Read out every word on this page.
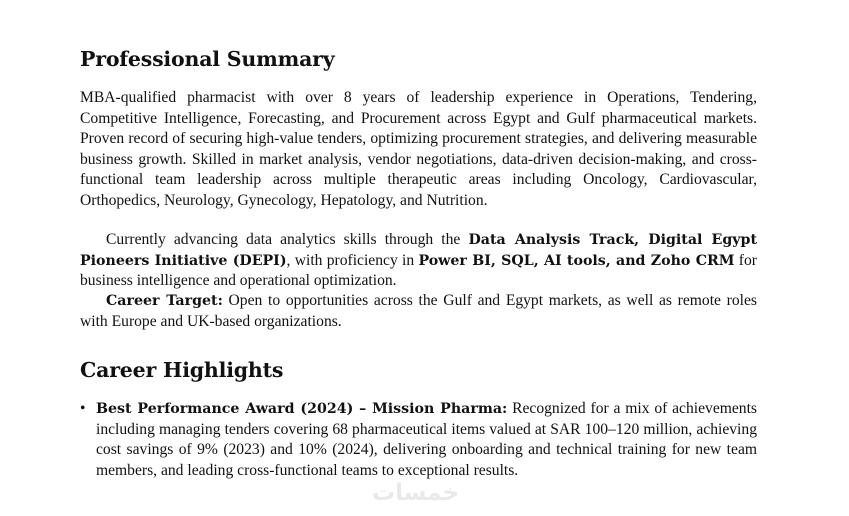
Professional Summary

MBA-qualified pharmacist with over 8 years of leadership experience in Operations, Tendering, Competitive Intelligence, Forecasting, and Procurement across Egypt and Gulf pharmaceutical markets. Proven record of securing high-value tenders, optimizing procurement strategies, and delivering measurable business growth. Skilled in market analysis, vendor negotiations, data-driven decision-making, and cross-functional team leadership across multiple therapeutic areas including Oncology, Cardiovascular, Orthopedics, Neurology, Gynecology, Hepatology, and Nutrition.

Currently advancing data analytics skills through the Data Analysis Track, Digital Egypt Pioneers Initiative (DEPI), with proficiency in Power BI, SQL, AI tools, and Zoho CRM for business intelligence and operational optimization.

Career Target: Open to opportunities across the Gulf and Egypt markets, as well as remote roles with Europe and UK-based organizations.

Career Highlights
• Best Performance Award (2024) – Mission Pharma: Recognized for a mix of achievements including managing tenders covering 68 pharmaceutical items valued at SAR 100–120 million, achieving cost savings of 9% (2023) and 10% (2024), delivering onboarding and technical training for new team members, and leading cross-functional teams to exceptional results.
خمسات
